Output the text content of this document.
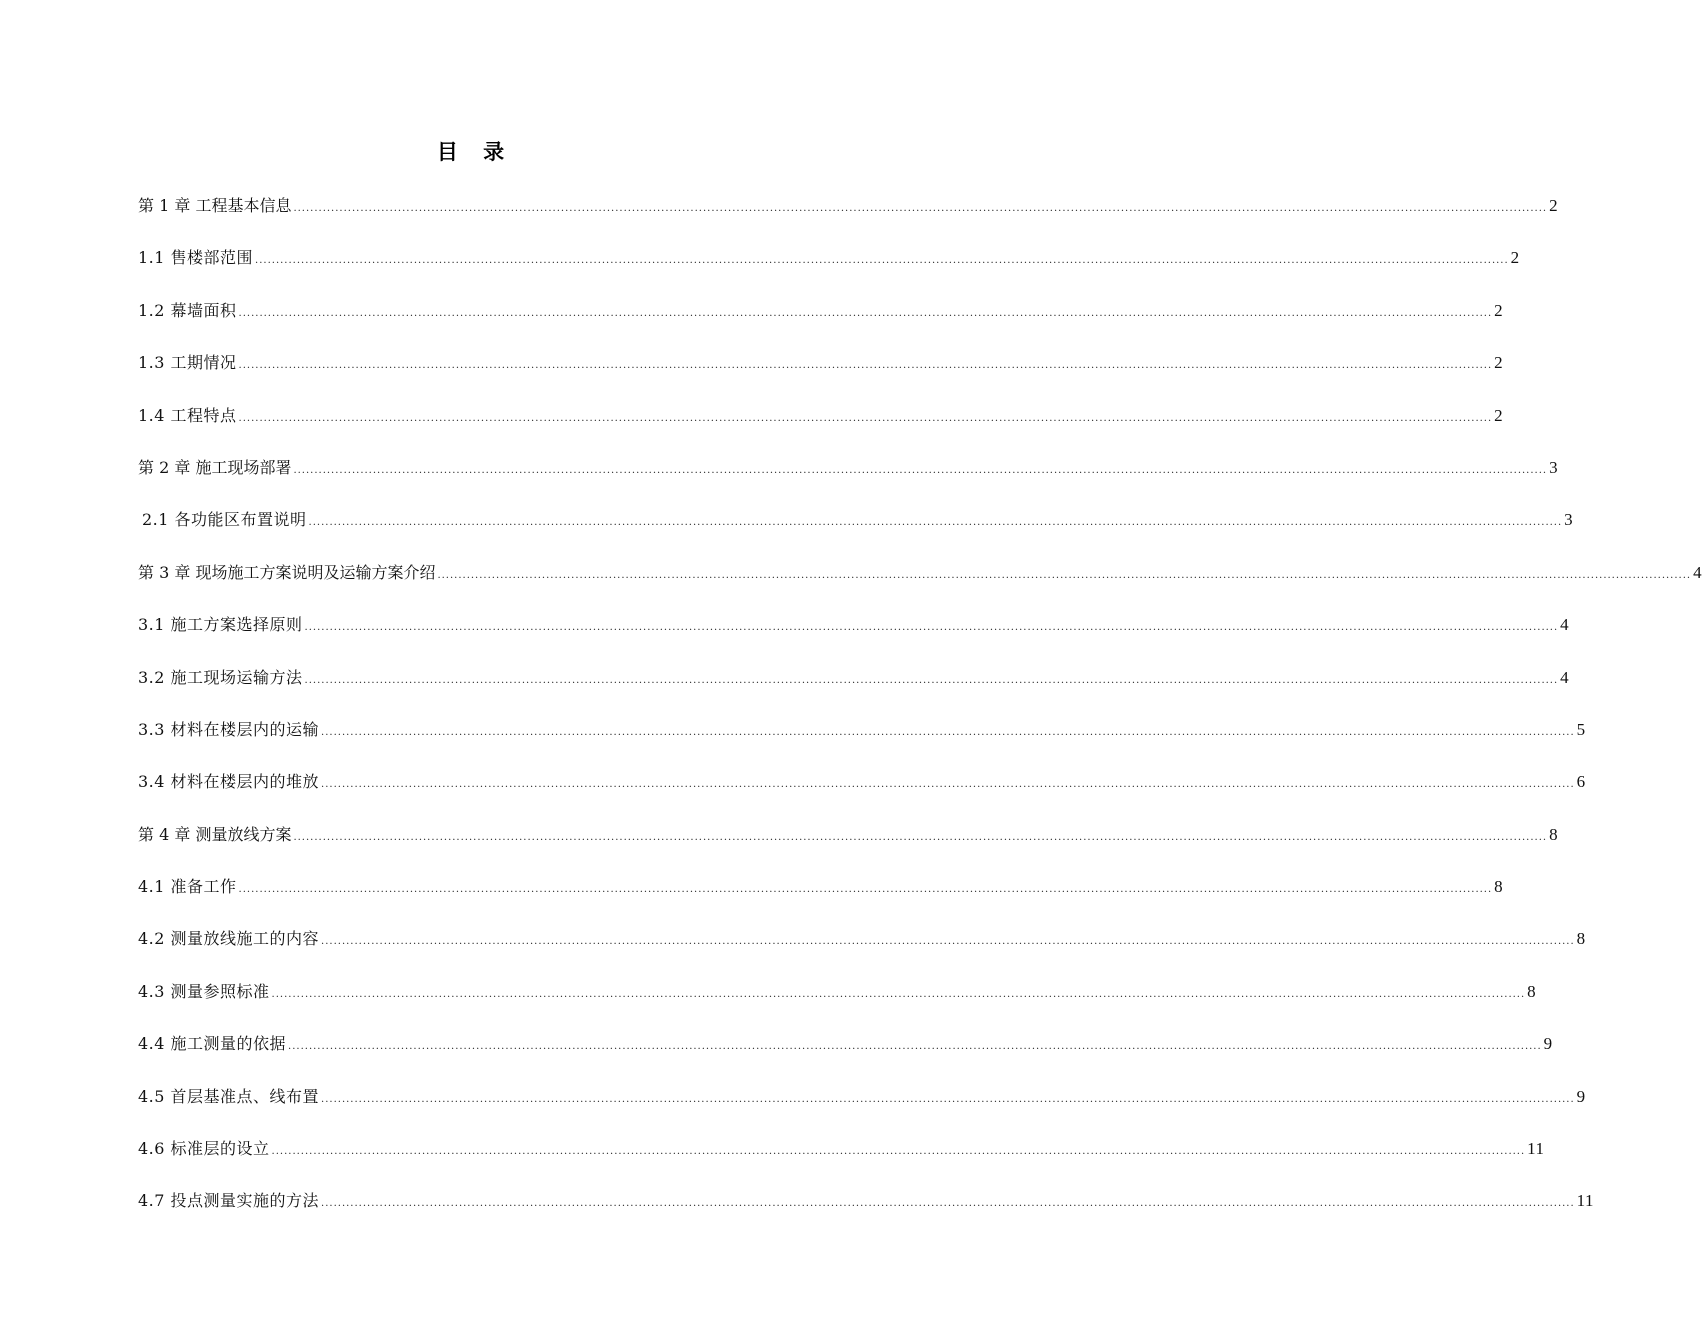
目 录
第 1 章 工程基本信息 ............................................................................................................................................................................................................................................................................................................ 2
1.1 售楼部范围 ............................................................................................................................................................................................................................................................................................................ 2
1.2 幕墙面积 ............................................................................................................................................................................................................................................................................................................ 2
1.3 工期情况 ............................................................................................................................................................................................................................................................................................................ 2
1.4 工程特点 ............................................................................................................................................................................................................................................................................................................ 2
第 2 章 施工现场部署 ............................................................................................................................................................................................................................................................................................................ 3
2.1 各功能区布置说明 ............................................................................................................................................................................................................................................................................................................ 3
第 3 章 现场施工方案说明及运输方案介绍 ............................................................................................................................................................................................................................................................................................................ 4
3.1 施工方案选择原则 ............................................................................................................................................................................................................................................................................................................ 4
3.2 施工现场运输方法 ............................................................................................................................................................................................................................................................................................................ 4
3.3 材料在楼层内的运输 ............................................................................................................................................................................................................................................................................................................ 5
3.4 材料在楼层内的堆放 ............................................................................................................................................................................................................................................................................................................ 6
第 4 章 测量放线方案 ............................................................................................................................................................................................................................................................................................................ 8
4.1 准备工作 ............................................................................................................................................................................................................................................................................................................ 8
4.2 测量放线施工的内容 ............................................................................................................................................................................................................................................................................................................ 8
4.3 测量参照标准 ............................................................................................................................................................................................................................................................................................................ 8
4.4 施工测量的依据 ............................................................................................................................................................................................................................................................................................................ 9
4.5 首层基准点、线布置 ............................................................................................................................................................................................................................................................................................................ 9
4.6 标准层的设立 ............................................................................................................................................................................................................................................................................................................ 11
4.7 投点测量实施的方法 ............................................................................................................................................................................................................................................................................................................ 11
